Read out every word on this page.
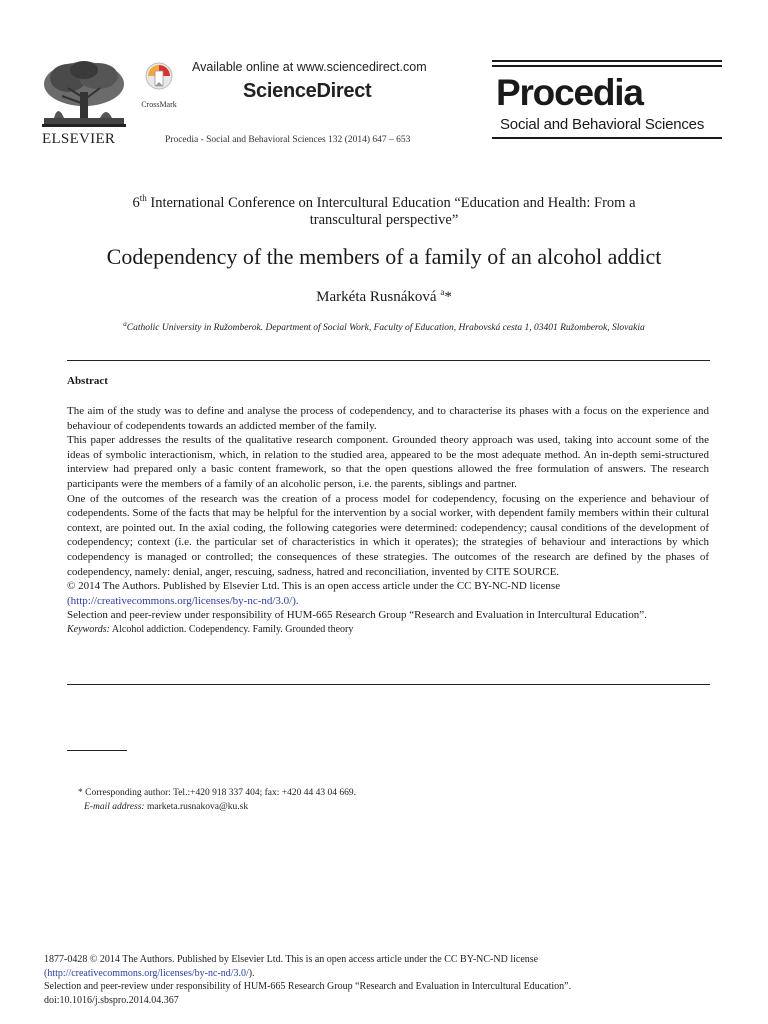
ELSEVIER
CrossMark
Available online at www.sciencedirect.com
ScienceDirect
Procedia - Social and Behavioral Sciences 132 (2014) 647 – 653
Procedia
Social and Behavioral Sciences
6th International Conference on Intercultural Education “Education and Health: From a
transcultural perspective”
Codependency of the members of a family of an alcohol addict
Markéta Rusnáková $^a$*
$^a$Catholic University in Ružomberok. Department of Social Work, Faculty of Education, Hrabovská cesta 1, 03401 Ružomberok, Slovakia
Abstract

The aim of the study was to define and analyse the process of codependency, and to characterise its phases with a focus on the experience and behaviour of codependents towards an addicted member of the family.

This paper addresses the results of the qualitative research component. Grounded theory approach was used, taking into account some of the ideas of symbolic interactionism, which, in relation to the studied area, appeared to be the most adequate method. An in-depth semi-structured interview had prepared only a basic content framework, so that the open questions allowed the free formulation of answers. The research participants were the members of a family of an alcoholic person, i.e. the parents, siblings and partner.

One of the outcomes of the research was the creation of a process model for codependency, focusing on the experience and behaviour of codependents. Some of the facts that may be helpful for the intervention by a social worker, with dependent family members within their cultural context, are pointed out. In the axial coding, the following categories were determined: codependency; causal conditions of the development of codependency; context (i.e. the particular set of characteristics in which it operates); the strategies of behaviour and interactions by which codependency is managed or controlled; the consequences of these strategies. The outcomes of the research are defined by the phases of codependency, namely: denial, anger, rescuing, sadness, hatred and reconciliation, invented by CITE SOURCE.

© 2014 The Authors. Published by Elsevier Ltd. This is an open access article under the CC BY-NC-ND license
(http://creativecommons.org/licenses/by-nc-nd/3.0/).

Selection and peer-review under responsibility of HUM-665 Research Group “Research and Evaluation in Intercultural Education”.

Keywords: Alcohol addiction. Codependency. Family. Grounded theory

* Corresponding author: Tel.:+420 918 337 404; fax: +420 44 43 04 669.
E-mail address: marketa.rusnakova@ku.sk
1877-0428 © 2014 The Authors. Published by Elsevier Ltd. This is an open access article under the CC BY-NC-ND license
(http://creativecommons.org/licenses/by-nc-nd/3.0/).
Selection and peer-review under responsibility of HUM-665 Research Group “Research and Evaluation in Intercultural Education”.
doi:10.1016/j.sbspro.2014.04.367
